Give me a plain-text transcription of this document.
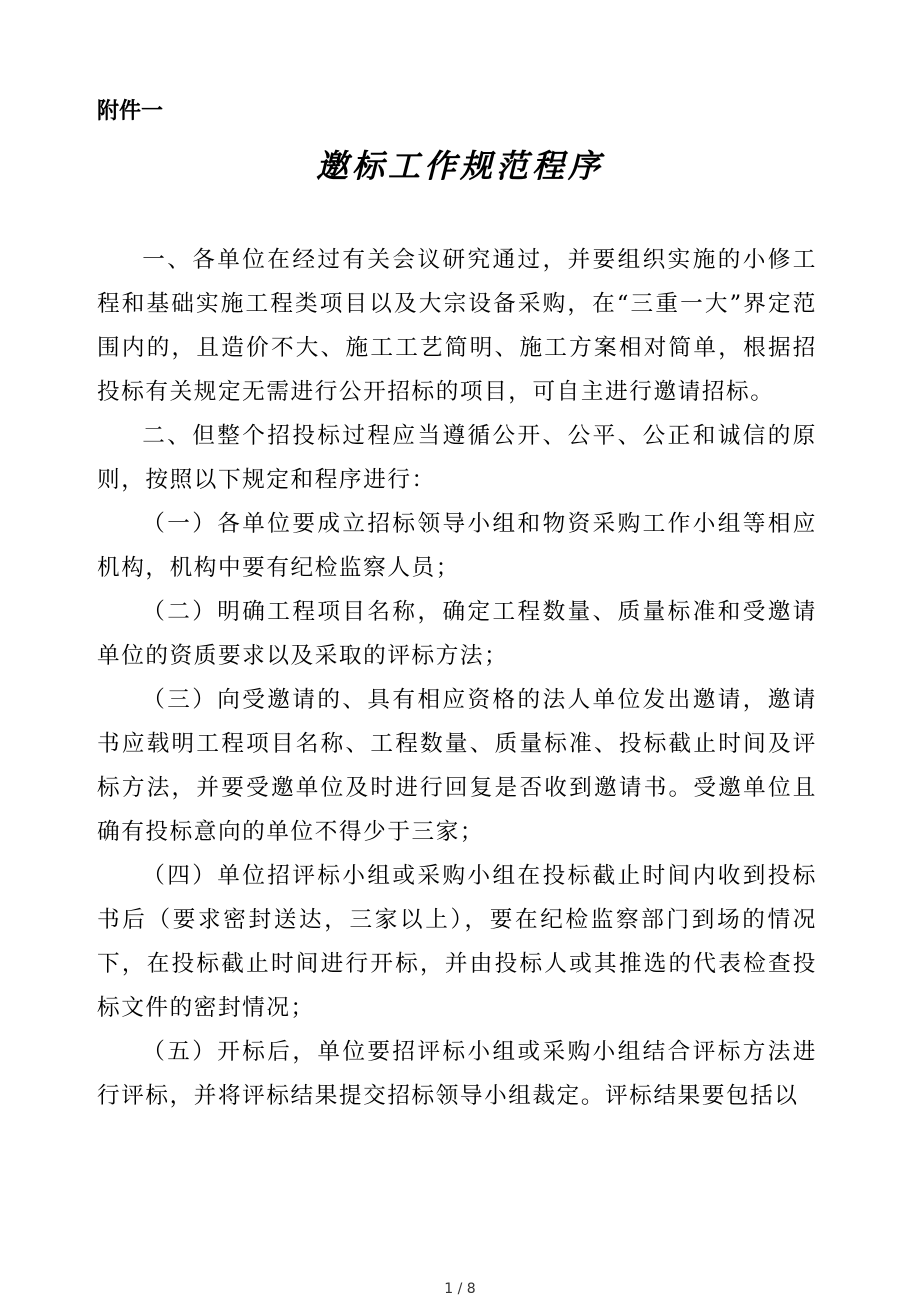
附件一
邀标工作规范程序

一、各单位在经过有关会议研究通过，并要组织实施的小修工程和基础实施工程类项目以及大宗设备采购，在“三重一大”界定范围内的，且造价不大、施工工艺简明、施工方案相对简单，根据招投标有关规定无需进行公开招标的项目，可自主进行邀请招标。

二、但整个招投标过程应当遵循公开、公平、公正和诚信的原则，按照以下规定和程序进行：

（一）各单位要成立招标领导小组和物资采购工作小组等相应机构，机构中要有纪检监察人员；

（二）明确工程项目名称，确定工程数量、质量标准和受邀请单位的资质要求以及采取的评标方法；

（三）向受邀请的、具有相应资格的法人单位发出邀请，邀请书应载明工程项目名称、工程数量、质量标准、投标截止时间及评标方法，并要受邀单位及时进行回复是否收到邀请书。受邀单位且确有投标意向的单位不得少于三家；

（四）单位招评标小组或采购小组在投标截止时间内收到投标书后（要求密封送达，三家以上），要在纪检监察部门到场的情况下，在投标截止时间进行开标，并由投标人或其推选的代表检查投标文件的密封情况；

（五）开标后，单位要招评标小组或采购小组结合评标方法进行评标，并将评标结果提交招标领导小组裁定。评标结果要包括以

1 / 8
